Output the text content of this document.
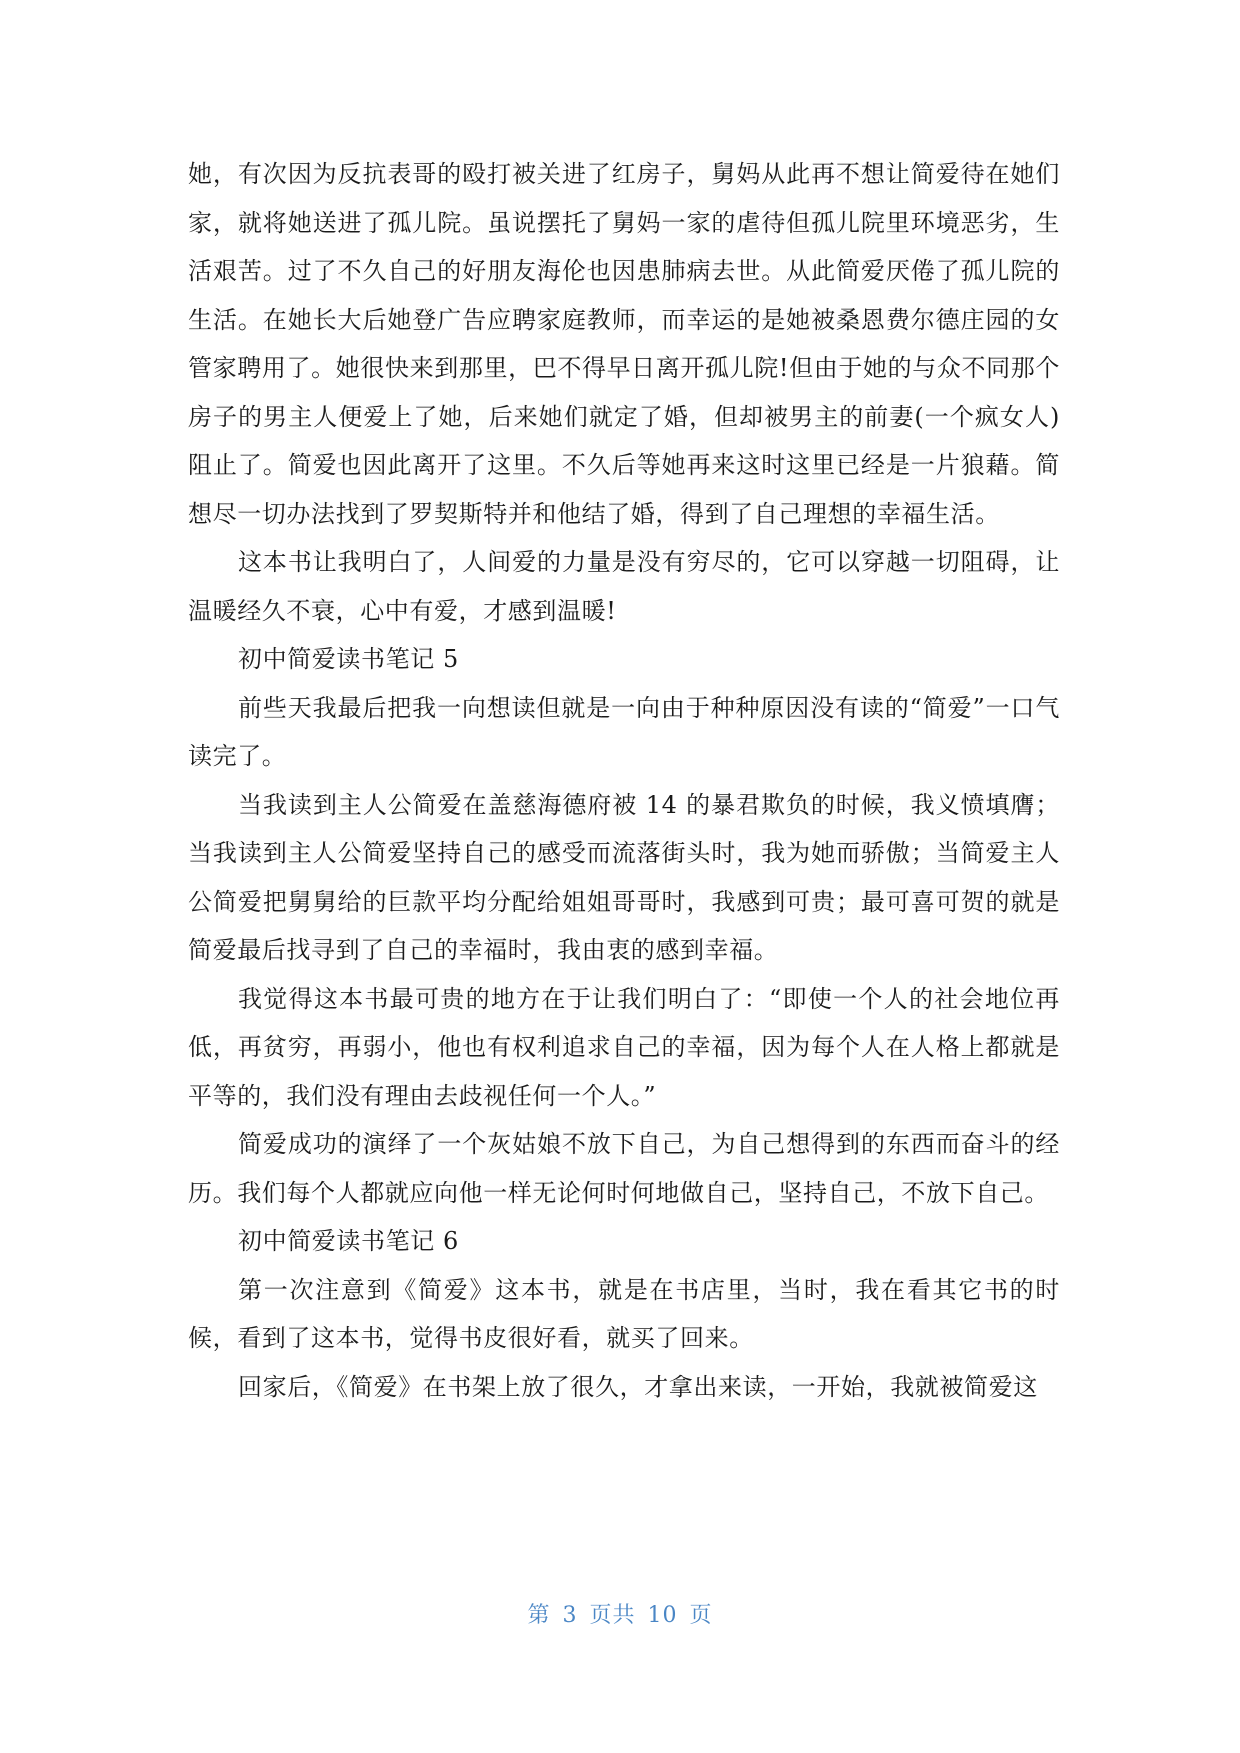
她，有次因为反抗表哥的殴打被关进了红房子，舅妈从此再不想让简爱待在她们家，就将她送进了孤儿院。虽说摆托了舅妈一家的虐待但孤儿院里环境恶劣，生活艰苦。过了不久自己的好朋友海伦也因患肺病去世。从此简爱厌倦了孤儿院的生活。在她长大后她登广告应聘家庭教师，而幸运的是她被桑恩费尔德庄园的女管家聘用了。她很快来到那里，巴不得早日离开孤儿院!但由于她的与众不同那个房子的男主人便爱上了她，后来她们就定了婚，但却被男主的前妻(一个疯女人)阻止了。简爱也因此离开了这里。不久后等她再来这时这里已经是一片狼藉。简想尽一切办法找到了罗契斯特并和他结了婚，得到了自己理想的幸福生活。

这本书让我明白了，人间爱的力量是没有穷尽的，它可以穿越一切阻碍，让温暖经久不衰，心中有爱，才感到温暖!

初中简爱读书笔记 5

前些天我最后把我一向想读但就是一向由于种种原因没有读的“简爱”一口气读完了。

当我读到主人公简爱在盖慈海德府被 14 的暴君欺负的时候，我义愤填膺；当我读到主人公简爱坚持自己的感受而流落街头时，我为她而骄傲；当简爱主人公简爱把舅舅给的巨款平均分配给姐姐哥哥时，我感到可贵；最可喜可贺的就是简爱最后找寻到了自己的幸福时，我由衷的感到幸福。

我觉得这本书最可贵的地方在于让我们明白了：“即使一个人的社会地位再低，再贫穷，再弱小，他也有权利追求自己的幸福，因为每个人在人格上都就是平等的，我们没有理由去歧视任何一个人。”

简爱成功的演绎了一个灰姑娘不放下自己，为自己想得到的东西而奋斗的经历。我们每个人都就应向他一样无论何时何地做自己，坚持自己，不放下自己。

初中简爱读书笔记 6

第一次注意到《简爱》这本书，就是在书店里，当时，我在看其它书的时候，看到了这本书，觉得书皮很好看，就买了回来。

回家后，《简爱》在书架上放了很久，才拿出来读，一开始，我就被简爱这

第 3 页共 10 页
